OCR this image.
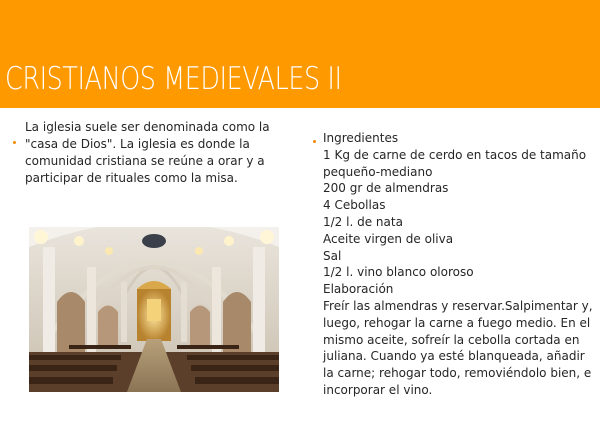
CRISTIANOS MEDIEVALES II
La iglesia suele ser denominada como la "casa de Dios". La iglesia es donde la comunidad cristiana se reúne a orar y a participar de rituales como la misa.
Ingredientes
1 Kg de carne de cerdo en tacos de tamaño pequeño-mediano
200 gr de almendras
4 Cebollas
1/2 l. de nata
Aceite virgen de oliva
Sal
1/2 l. vino blanco oloroso
Elaboración
Freír las almendras y reservar.Salpimentar y, luego, rehogar la carne a fuego medio. En el mismo aceite, sofreír la cebolla cortada en juliana. Cuando ya esté blanqueada, añadir la carne; rehogar todo, removiéndolo bien, e incorporar el vino.
